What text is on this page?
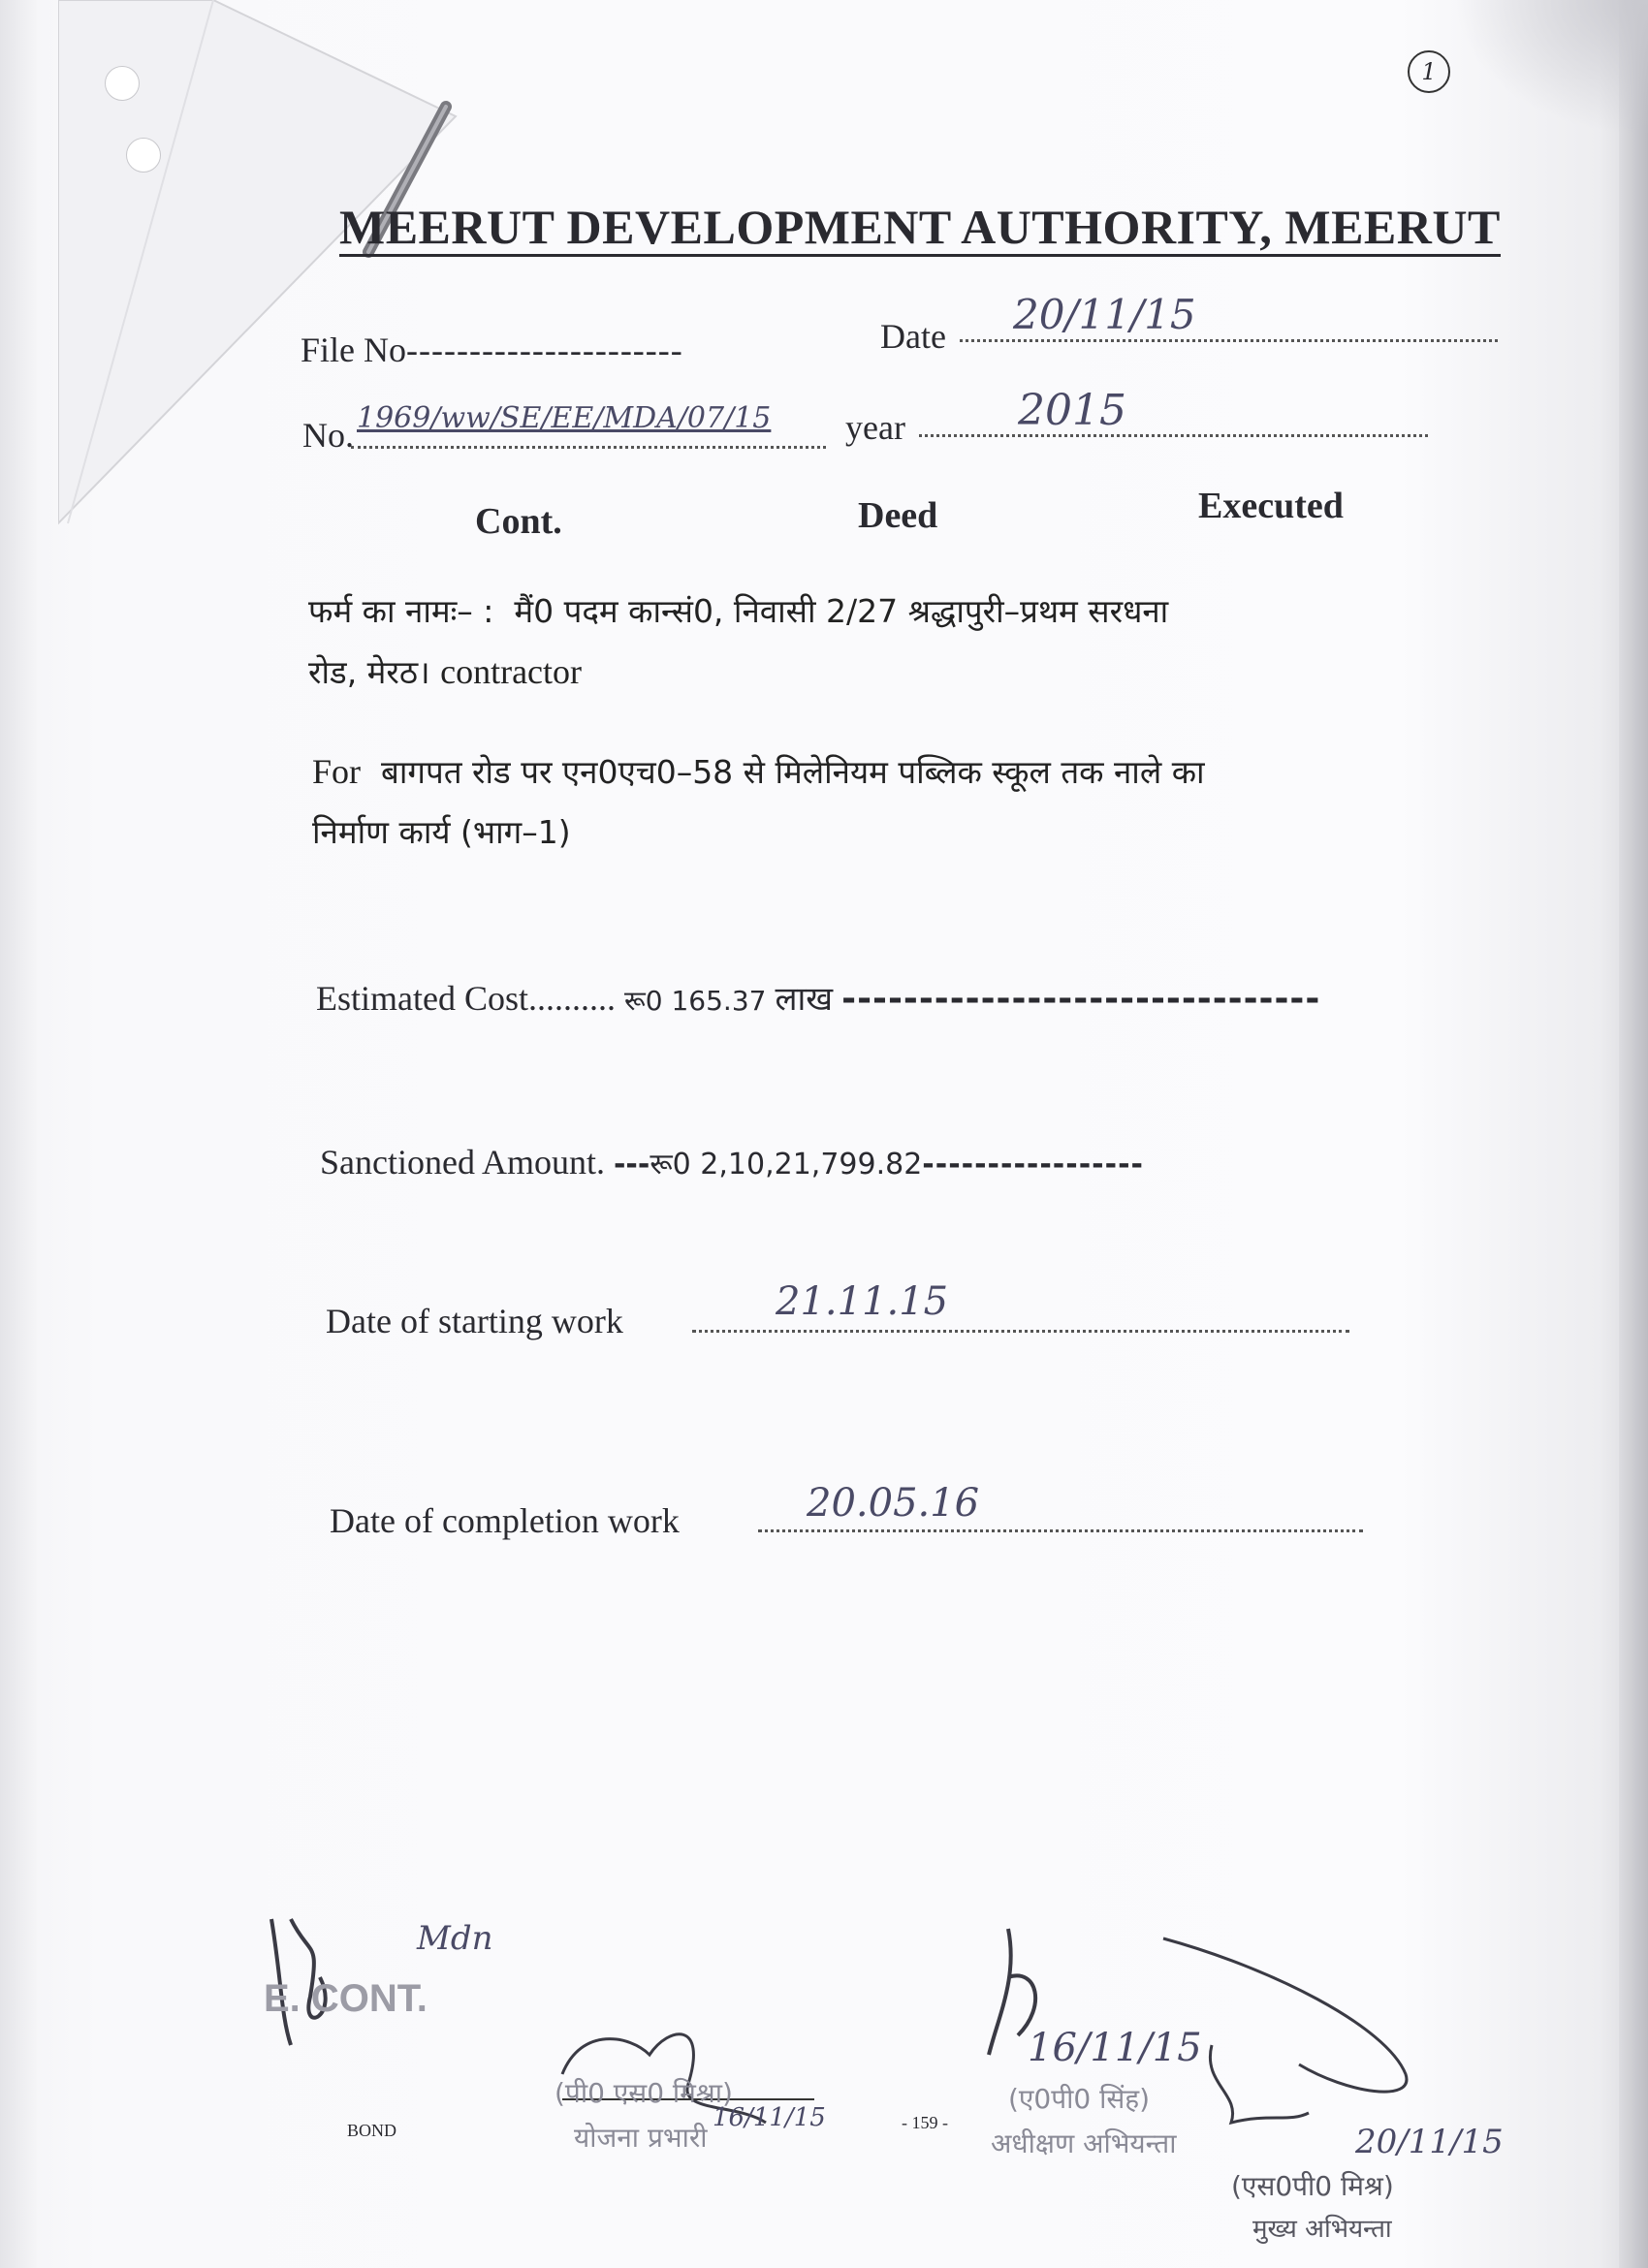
1
MEERUT DEVELOPMENT AUTHORITY, MEERUT
File No----------------------	Date 20/11/15
No. 1969/ww/SE/EE/MDA/07/15 year	2015
Cont.	Deed	Executed
फर्म का नामः– : मैं0 पदम कान्सं0, निवासी 2/27 श्रद्धापुरी–प्रथम सरधना
रोड, मेरठ। contractor
For बागपत रोड पर एन0एच0–58 से मिलेनियम पब्लिक स्कूल तक नाले का
निर्माण कार्य (भाग–1)
Estimated Cost.......... रू0 165.37 लाख -------------------------------
Sanctioned Amount. ---रू0 2,10,21,799.82-----------------
Date of starting work	21.11.15
Date of completion work	20.05.16
Mdn
E. CONT.
BOND
(पी0 एस0 मिश्रा)
योजना प्रभारी
16/11/15	- 159 -
16/11/15
(ए0पी0 सिंह)
अधीक्षण अभियन्ता	20/11/15
(एस0पी0 मिश्र)
मुख्य अभियन्ता
